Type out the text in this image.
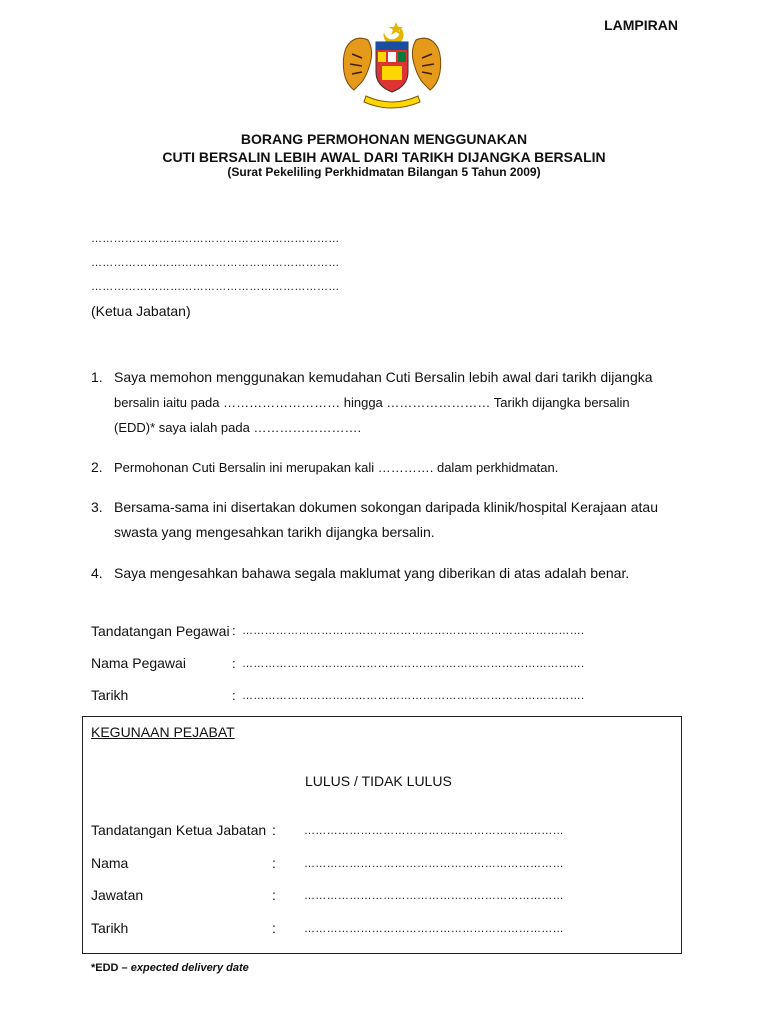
LAMPIRAN
BORANG PERMOHONAN MENGGUNAKAN
CUTI BERSALIN LEBIH AWAL DARI TARIKH DIJANGKA BERSALIN
(Surat Pekeliling Perkhidmatan Bilangan 5 Tahun 2009)
…………………………………………………………
…………………………………………………………
…………………………………………………………
(Ketua Jabatan)
1. Saya memohon menggunakan kemudahan Cuti Bersalin lebih awal dari tarikh dijangka
bersalin iaitu pada ……………………… hingga …………………… Tarikh dijangka bersalin
(EDD)* saya ialah pada …………………….
2. Permohonan Cuti Bersalin ini merupakan kali …………. dalam perkhidmatan.
3. Bersama-sama ini disertakan dokumen sokongan daripada klinik/hospital Kerajaan atau
swasta yang mengesahkan tarikh dijangka bersalin.
4. Saya mengesahkan bahawa segala maklumat yang diberikan di atas adalah benar.
Tandatangan Pegawai : ……………………………………………………………………………….
Nama Pegawai	: ……………………………………………………………………………….
Tarikh	: ……………………………………………………………………………….
KEGUNAAN PEJABAT
LULUS / TIDAK LULUS
Tandatangan Ketua Jabatan :	……………………………………………………………
Nama	:	……………………………………………………………
Jawatan	:	……………………………………………………………
Tarikh	:	……………………………………………………………
*EDD – expected delivery date
